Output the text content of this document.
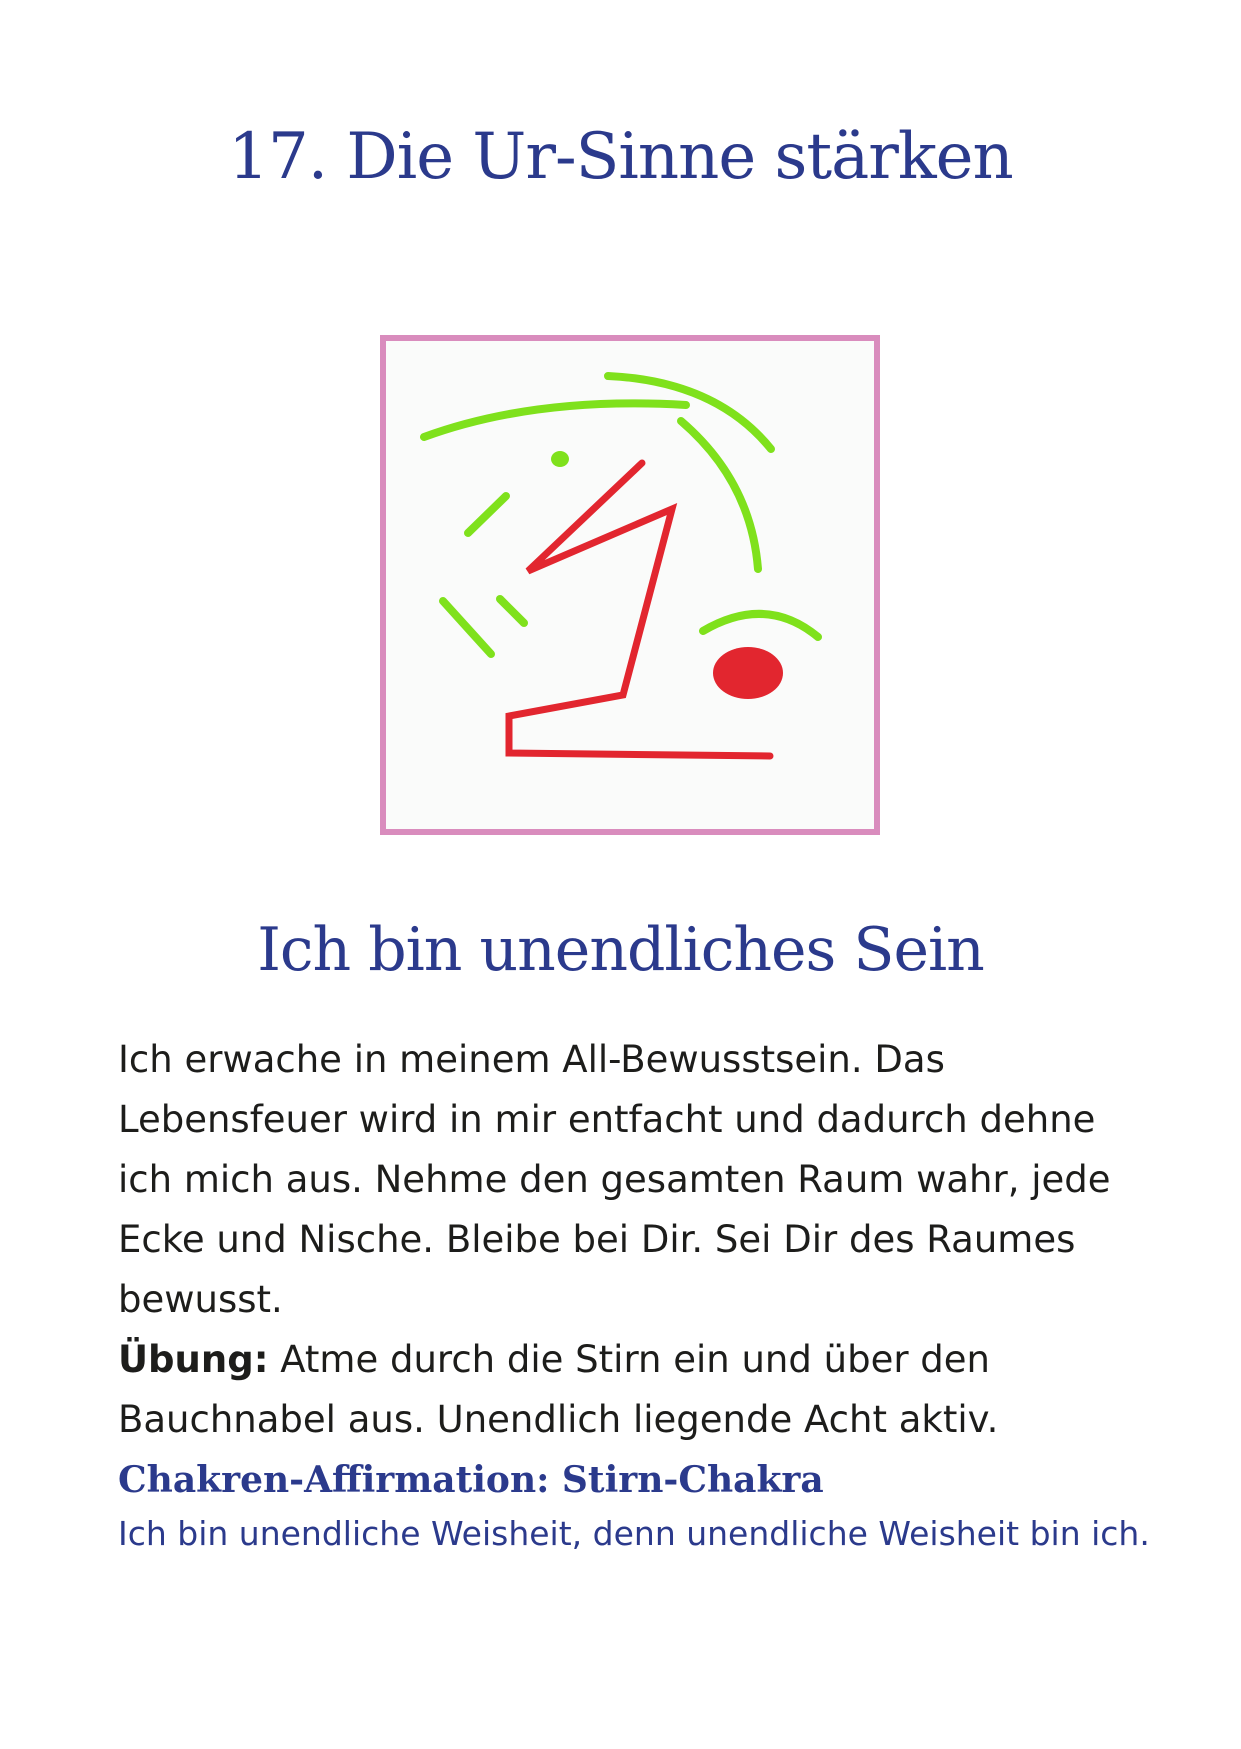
17. Die Ur-Sinne stärken
Ich bin unendliches Sein

Ich erwache in meinem All-Bewusstsein. Das Lebensfeuer wird in mir entfacht und dadurch dehne ich mich aus. Nehme den gesamten Raum wahr, jede Ecke und Nische. Bleibe bei Dir. Sei Dir des Raumes bewusst.

Übung: Atme durch die Stirn ein und über den Bauchnabel aus. Unendlich liegende Acht aktiv.

Chakren-Affirmation: Stirn-Chakra

Ich bin unendliche Weisheit, denn unendliche Weisheit bin ich.
